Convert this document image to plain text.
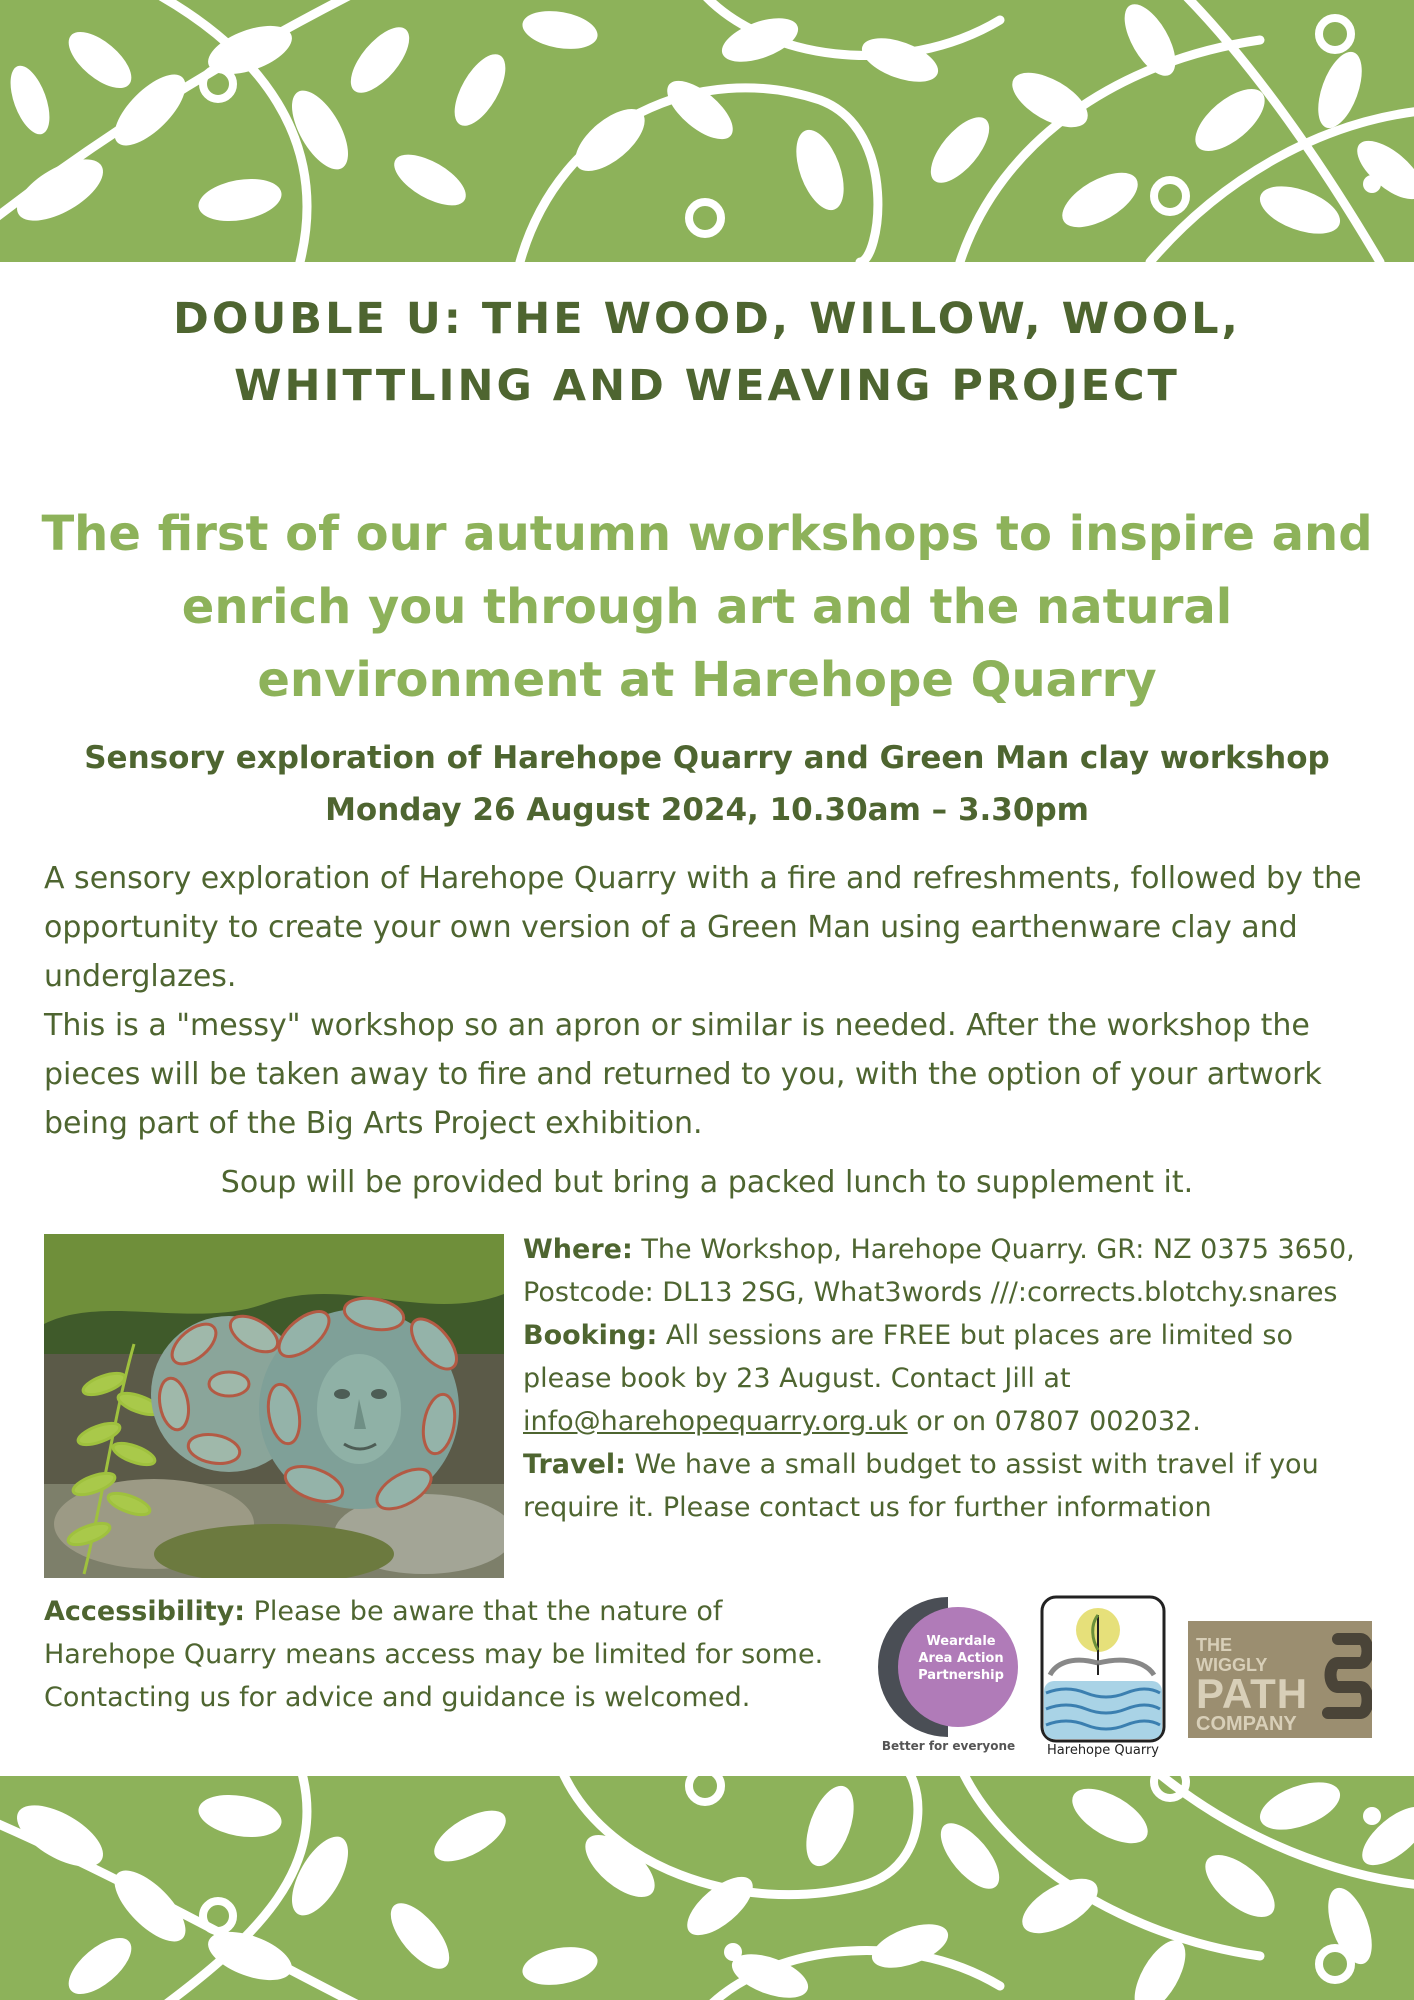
DOUBLE U: THE WOOD, WILLOW, WOOL, WHITTLING AND WEAVING PROJECT
The first of our autumn workshops to inspire and enrich you through art and the natural environment at Harehope Quarry
Sensory exploration of Harehope Quarry and Green Man clay workshop
Monday 26 August 2024, 10.30am – 3.30pm

A sensory exploration of Harehope Quarry with a fire and refreshments, followed by the opportunity to create your own version of a Green Man using earthenware clay and underglazes.

This is a "messy" workshop so an apron or similar is needed. After the workshop the pieces will be taken away to fire and returned to you, with the option of your artwork being part of the Big Arts Project exhibition.

Soup will be provided but bring a packed lunch to supplement it.

Where: The Workshop, Harehope Quarry. GR: NZ 0375 3650, Postcode: DL13 2SG, What3words ///:corrects.blotchy.snares

Booking: All sessions are FREE but places are limited so please book by 23 August. Contact Jill at info@harehopequarry.org.uk or on 07807 002032.

Travel: We have a small budget to assist with travel if you require it. Please contact us for further information

Accessibility: Please be aware that the nature of Harehope Quarry means access may be limited for some. Contacting us for advice and guidance is welcomed.

Weardale Area Action Partnership
Better for everyone	Harehope Quarry
THE WIGGLY
PATH
COMPANY
